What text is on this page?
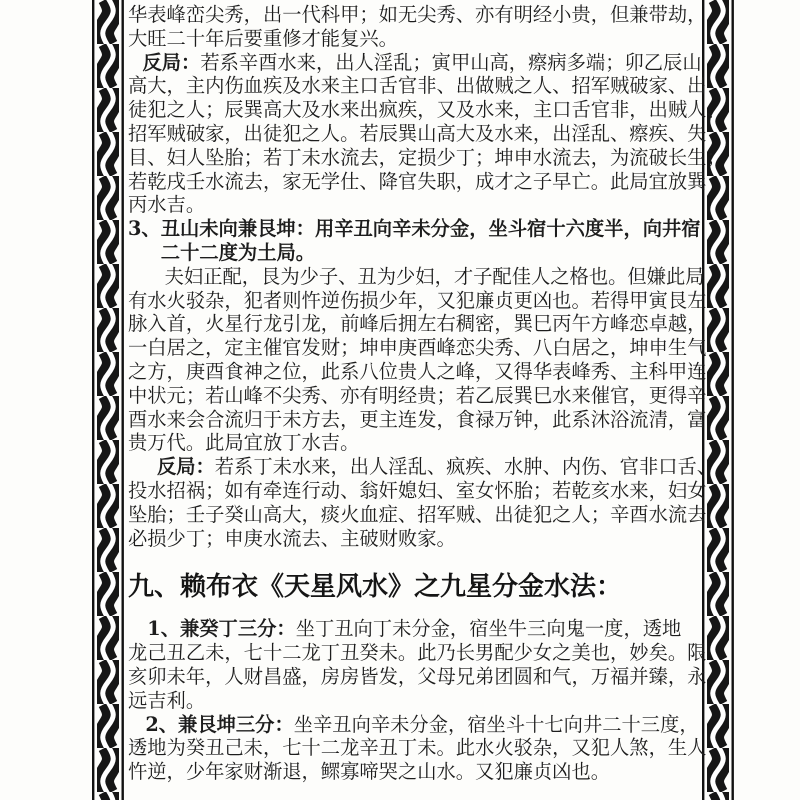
华表峰峦尖秀，出一代科甲；如无尖秀、亦有明经小贵，但兼带劫，
大旺二十年后要重修才能复兴。
反局：若系辛酉水来，出人淫乱；寅甲山高，瘵病多端；卯乙辰山
高大，主内伤血疾及水来主口舌官非、出做贼之人、招军贼破家、出
徒犯之人；辰巽高大及水来出疯疾，又及水来，主口舌官非，出贼人、
招军贼破家，出徒犯之人。若辰巽山高大及水来，出淫乱、瘵疾、失
目、妇人坠胎；若丁未水流去，定损少丁；坤申水流去，为流破长生；
若乾戌壬水流去，家无学仕、降官失职，成才之子早亡。此局宜放巽
丙水吉。
3、丑山未向兼艮坤：用辛丑向辛未分金，坐斗宿十六度半，向井宿
二十二度为土局。
夫妇正配，艮为少子、丑为少妇，才子配佳人之格也。但嫌此局
有水火驳杂，犯者则忤逆伤损少年，又犯廉贞更凶也。若得甲寅艮左
脉入首，火星行龙引龙，前峰后拥左右稠密，巽巳丙午方峰恋卓越，
一白居之，定主催官发财；坤申庚酉峰恋尖秀、八白居之，坤申生气
之方，庚酉食神之位，此系八位贵人之峰，又得华表峰秀、主科甲连
中状元；若山峰不尖秀、亦有明经贵；若乙辰巽巳水来催官，更得辛
酉水来会合流归于未方去，更主连发，食禄万钟，此系沐浴流清，富
贵万代。此局宜放丁水吉。
反局：若系丁未水来，出人淫乱、疯疾、水肿、内伤、官非口舌、
投水招祸；如有牵连行动、翁奸媳妇、室女怀胎；若乾亥水来，妇女
坠胎；壬子癸山高大，痰火血症、招军贼、出徒犯之人；辛酉水流去
必损少丁；申庚水流去、主破财败家。
九、赖布衣《天星风水》之九星分金水法：
1、兼癸丁三分：坐丁丑向丁未分金，宿坐牛三向鬼一度，透地
龙己丑乙未，七十二龙丁丑癸未。此乃长男配少女之美也，妙矣。限
亥卯未年，人财昌盛，房房皆发，父母兄弟团圆和气，万福并臻，永
远吉利。
2、兼艮坤三分：坐辛丑向辛未分金，宿坐斗十七向井二十三度，
透地为癸丑己未，七十二龙辛丑丁未。此水火驳杂，又犯人煞，生人
忤逆，少年家财渐退，鳏寡啼哭之山水。又犯廉贞凶也。
